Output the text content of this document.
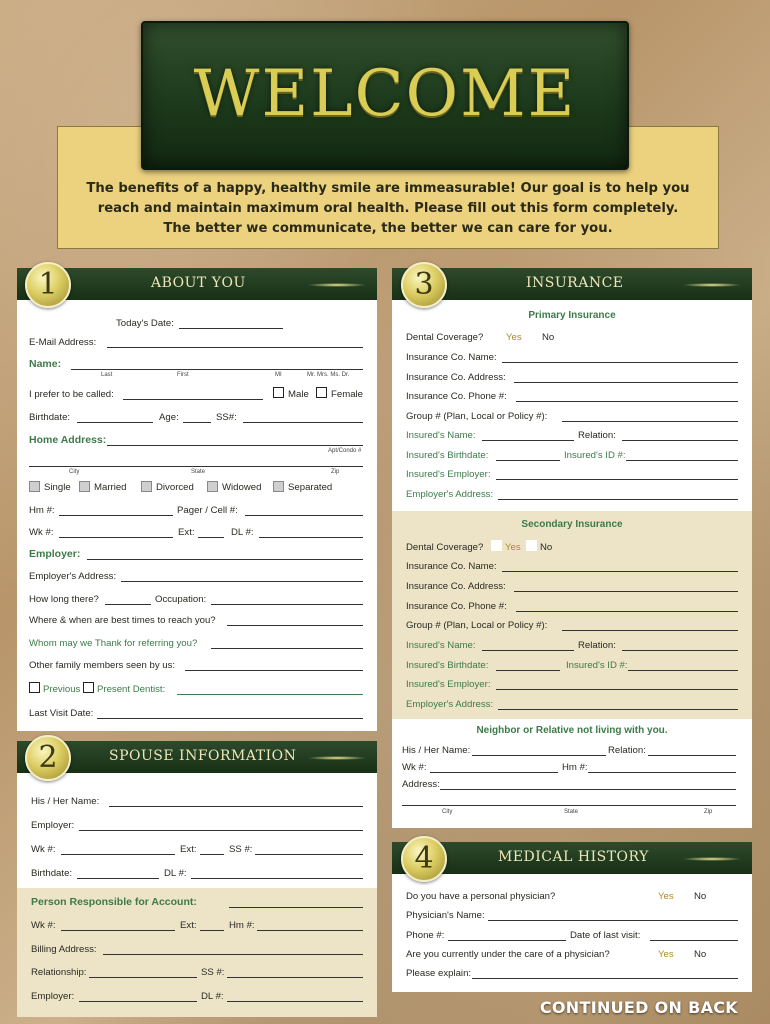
The benefits of a happy, healthy smile are immeasurable! Our goal is to help you
reach and maintain maximum oral health. Please fill out this form completely.
The better we communicate, the better we can care for you.
WELCOME
ABOUT YOU
Today's Date:
E-Mail Address:
Name:
Last	First	MI	Mr. Mrs. Ms. Dr.
I prefer to be called:	Male Female
Birthdate:	Age:	SS#:
Home Address:
Apt/Condo #
City	State	Zip
Single Married	Divorced	Widowed	Separated
Hm #:	Pager / Cell #:
Wk #:	Ext:	DL #:
Employer:
Employer's Address:
How long there?	Occupation:
Where & when are best times to reach you?
Whom may we Thank for referring you?
Other family members seen by us:
Previous Present Dentist:
Last Visit Date:
1
SPOUSE INFORMATION
His / Her Name:
Employer:
Wk #:	Ext:	SS #:
Birthdate:	DL #:
Person Responsible for Account:
Wk #:	Ext:	Hm #:
Billing Address:
Relationship:	SS #:
Employer:	DL #:
2
INSURANCE
Primary Insurance
Dental Coverage? Yes No
Insurance Co. Name:
Insurance Co. Address:
Insurance Co. Phone #:
Group # (Plan, Local or Policy #):
Insured's Name:	Relation:
Insured's Birthdate:	Insured's ID #:
Insured's Employer:
Employer's Address:
Secondary Insurance
Dental Coverage? Yes No
Insurance Co. Name:
Insurance Co. Address:
Insurance Co. Phone #:
Group # (Plan, Local or Policy #):
Insured's Name:	Relation:
Insured's Birthdate:	Insured's ID #:
Insured's Employer:
Employer's Address:
Neighbor or Relative not living with you.
His / Her Name:	Relation:
Wk #:	Hm #:
Address:
City	State	Zip
3
MEDICAL HISTORY
Do you have a personal physician?	Yes No
Physician's Name:
Phone #:	Date of last visit:
Are you currently under the care of a physician?	Yes No
Please explain:
4
CONTINUED ON BACK
